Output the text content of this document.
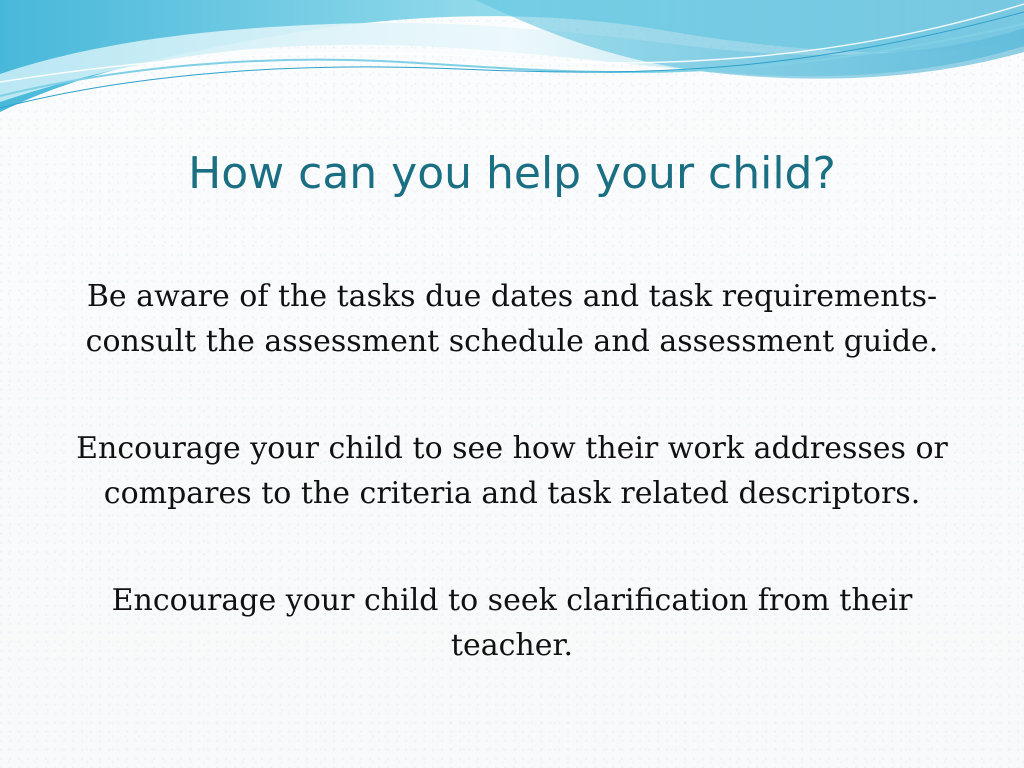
How can you help your child?

Be aware of the tasks due dates and task requirements- consult the assessment schedule and assessment guide.

Encourage your child to see how their work addresses or compares to the criteria and task related descriptors.

Encourage your child to seek clarification from their teacher.
